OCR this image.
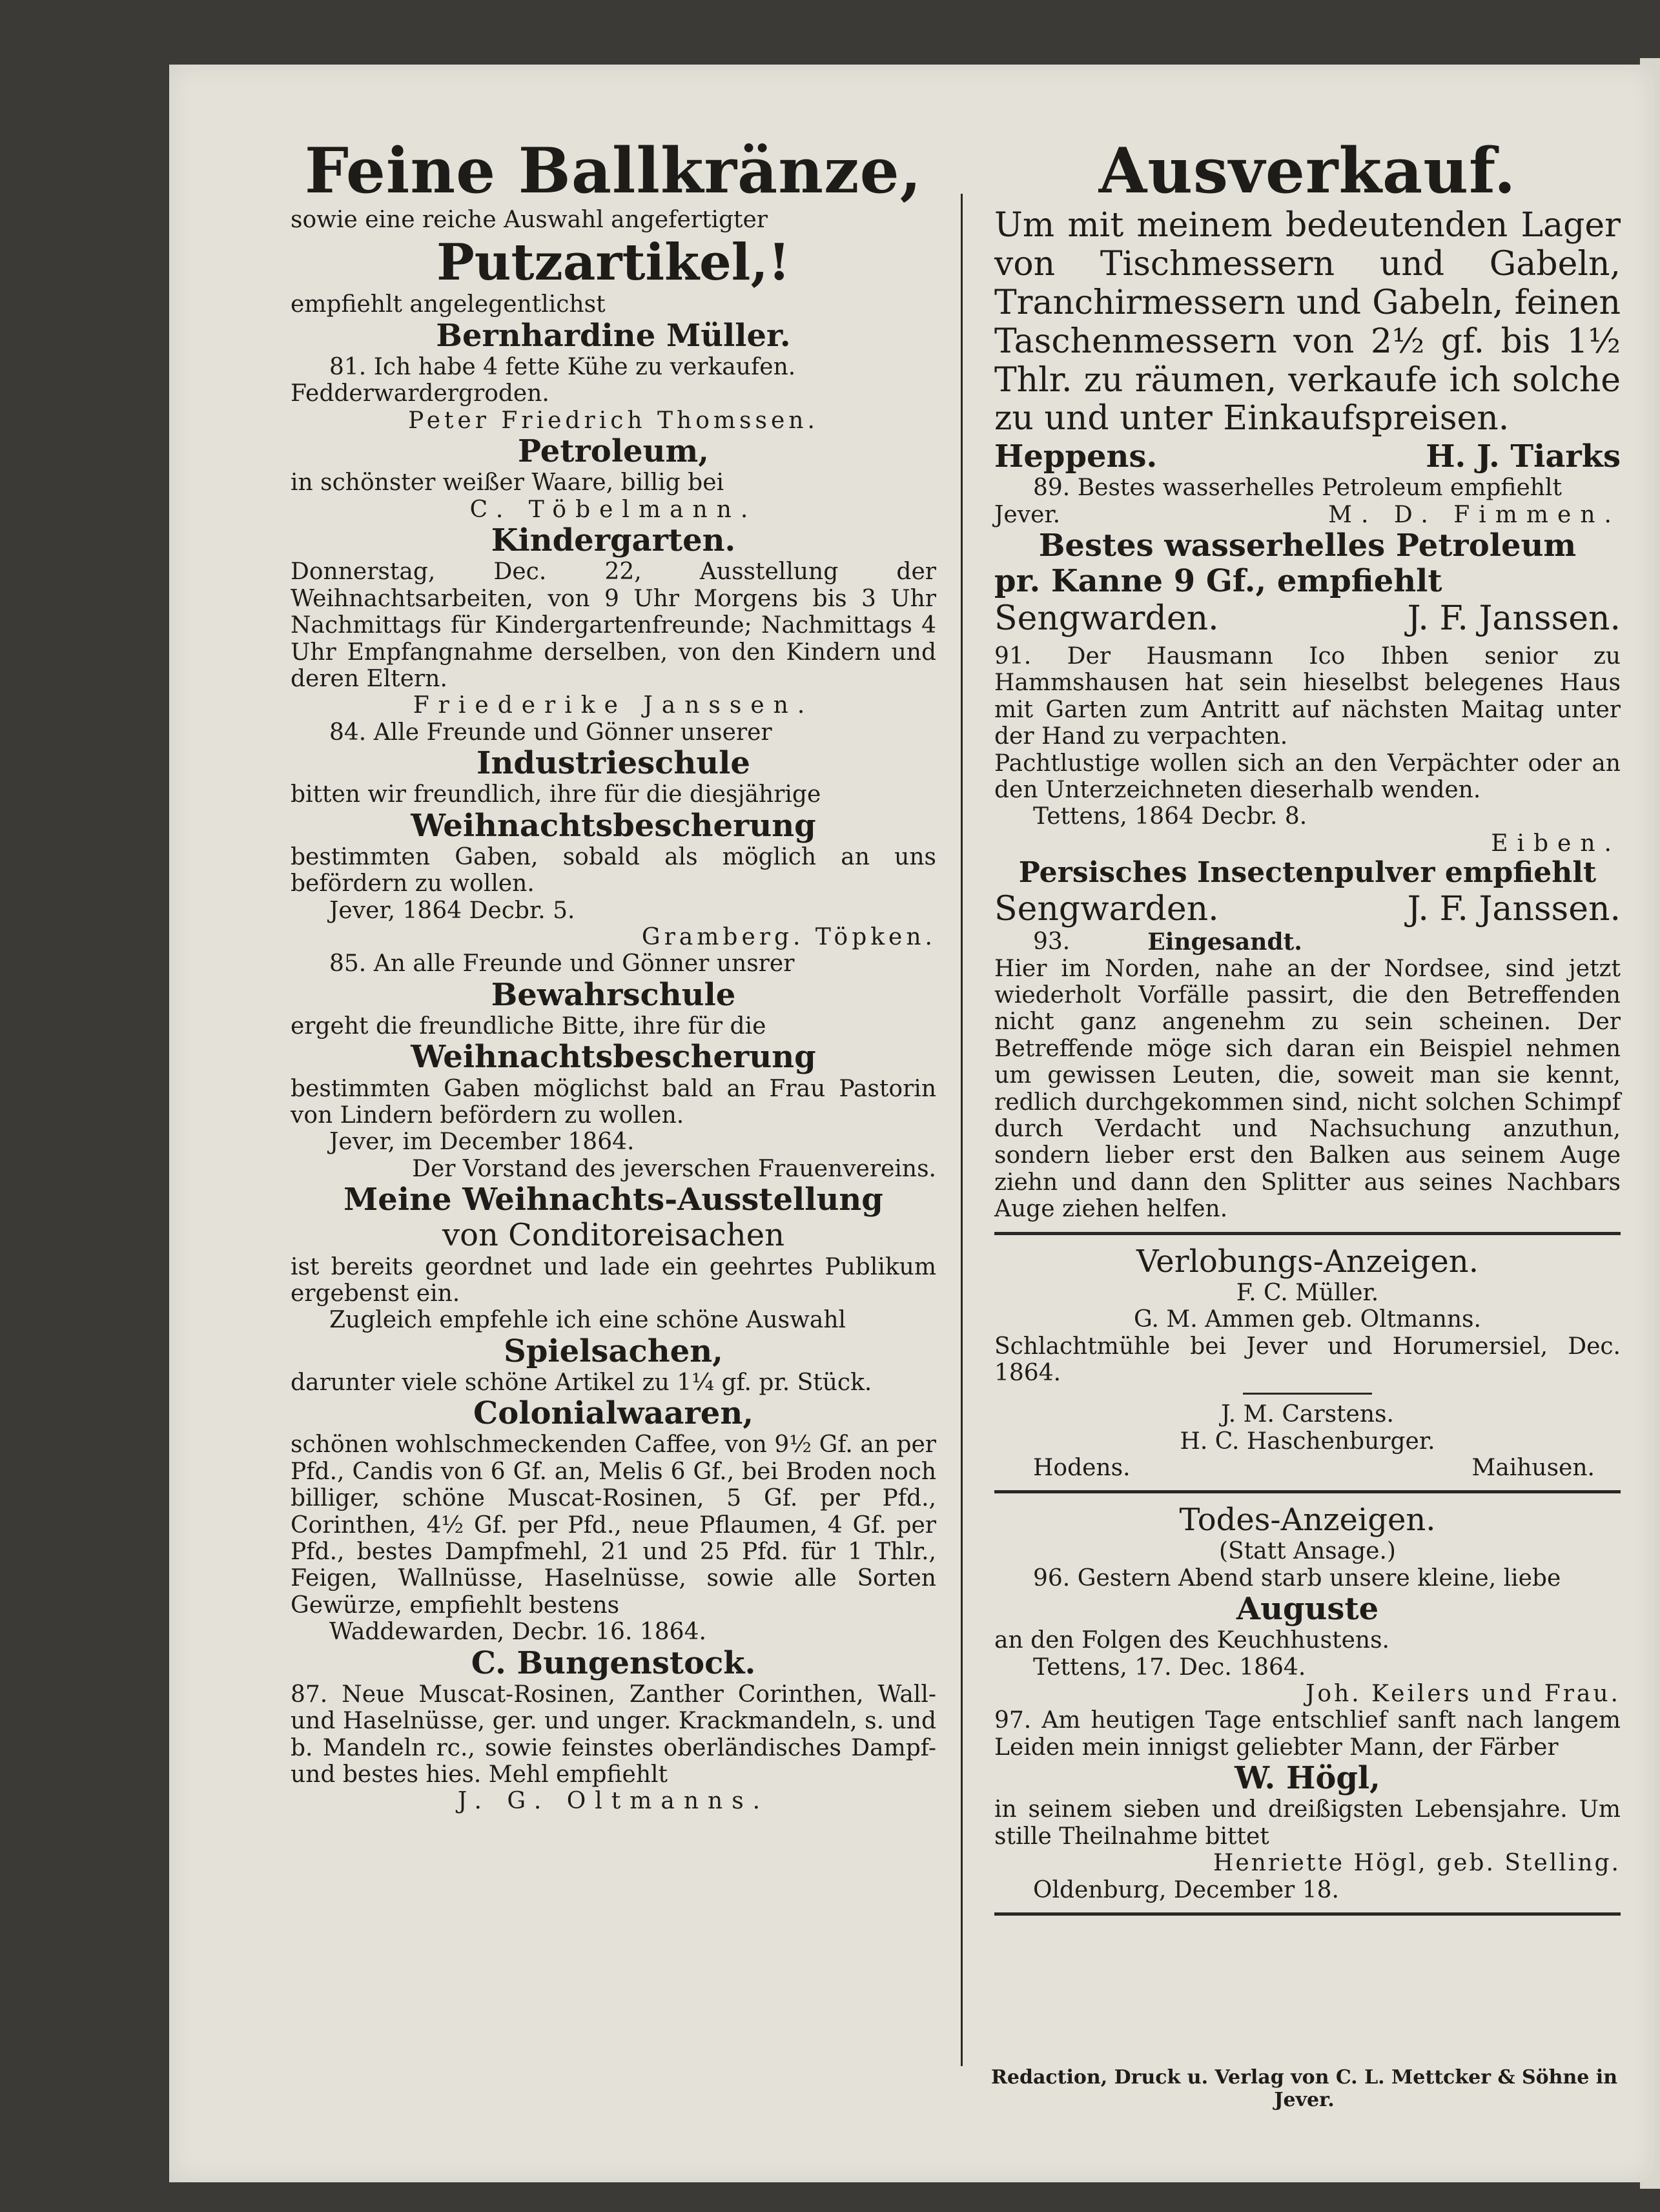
Feine Ballkränze,

sowie eine reiche Auswahl angefertigter

Putzartikel,!

empfiehlt angelegentlichst

Bernhardine Müller.

81. Ich habe 4 fette Kühe zu verkaufen.

Fedderwardergroden.

Peter Friedrich Thomssen.

Petroleum,

in schönster weißer Waare, billig bei

C. Töbelmann.

Kindergarten.

Donnerstag, Dec. 22, Ausstellung der Weihnachtsarbeiten, von 9 Uhr Morgens bis 3 Uhr Nachmittags für Kindergartenfreunde; Nachmittags 4 Uhr Empfangnahme derselben, von den Kindern und deren Eltern.

Friederike Janssen.

84. Alle Freunde und Gönner unserer

Industrieschule

bitten wir freundlich, ihre für die diesjährige

Weihnachtsbescherung

bestimmten Gaben, sobald als möglich an uns befördern zu wollen.

Jever, 1864 Decbr. 5.

Gramberg. Töpken.

85. An alle Freunde und Gönner unsrer

Bewahrschule

ergeht die freundliche Bitte, ihre für die

Weihnachtsbescherung

bestimmten Gaben möglichst bald an Frau Pastorin von Lindern befördern zu wollen.

Jever, im December 1864.

Der Vorstand des jeverschen Frauenvereins.

Meine Weihnachts-Ausstellung

von Conditoreisachen

ist bereits geordnet und lade ein geehrtes Publikum ergebenst ein.

Zugleich empfehle ich eine schöne Auswahl

Spielsachen,

darunter viele schöne Artikel zu 1¼ gf. pr. Stück.

Colonialwaaren,

schönen wohlschmeckenden Caffee, von 9½ Gf. an per Pfd., Candis von 6 Gf. an, Melis 6 Gf., bei Broden noch billiger, schöne Muscat-Rosinen, 5 Gf. per Pfd., Corinthen, 4½ Gf. per Pfd., neue Pflaumen, 4 Gf. per Pfd., bestes Dampfmehl, 21 und 25 Pfd. für 1 Thlr., Feigen, Wallnüsse, Haselnüsse, sowie alle Sorten Gewürze, empfiehlt bestens

Waddewarden, Decbr. 16. 1864.

C. Bungenstock.

87. Neue Muscat-Rosinen, Zanther Corinthen, Wall- und Haselnüsse, ger. und unger. Krackmandeln, s. und b. Mandeln rc., sowie feinstes oberländisches Dampf- und bestes hies. Mehl empfiehlt

J. G. Oltmanns.

Ausverkauf.

Um mit meinem bedeutenden Lager von Tischmessern und Gabeln, Tranchirmessern und Gabeln, feinen Taschenmessern von 2½ gf. bis 1½ Thlr. zu räumen, verkaufe ich solche zu und unter Einkaufspreisen.

Heppens.	H. J. Tiarks

89. Bestes wasserhelles Petroleum empfiehlt

Jever.	M. D. Fimmen.

Bestes wasserhelles Petroleum

pr. Kanne 9 Gf., empfiehlt

Sengwarden.	J. F. Janssen.

91. Der Hausmann Ico Ihben senior zu Hammshausen hat sein hieselbst belegenes Haus mit Garten zum Antritt auf nächsten Maitag unter der Hand zu verpachten.

Pachtlustige wollen sich an den Verpächter oder an den Unterzeichneten dieserhalb wenden.

Tettens, 1864 Decbr. 8.

Eiben.

Persisches Insectenpulver empfiehlt

Sengwarden.	J. F. Janssen.
93.	Eingesandt.

Hier im Norden, nahe an der Nordsee, sind jetzt wiederholt Vorfälle passirt, die den Betreffenden nicht ganz angenehm zu sein scheinen. Der Betreffende möge sich daran ein Beispiel nehmen um gewissen Leuten, die, soweit man sie kennt, redlich durchgekommen sind, nicht solchen Schimpf durch Verdacht und Nachsuchung anzuthun, sondern lieber erst den Balken aus seinem Auge ziehn und dann den Splitter aus seines Nachbars Auge ziehen helfen.

Verlobungs-Anzeigen.

F. C. Müller.

G. M. Ammen geb. Oltmanns.

Schlachtmühle bei Jever und Horumersiel, Dec. 1864.

J. M. Carstens.

H. C. Haschenburger.

Hodens.	Maihusen.

Todes-Anzeigen.

(Statt Ansage.)

96. Gestern Abend starb unsere kleine, liebe

Auguste

an den Folgen des Keuchhustens.

Tettens, 17. Dec. 1864.

Joh. Keilers und Frau.

97. Am heutigen Tage entschlief sanft nach langem Leiden mein innigst geliebter Mann, der Färber

W. Högl,

in seinem sieben und dreißigsten Lebensjahre. Um stille Theilnahme bittet

Henriette Högl, geb. Stelling.

Oldenburg, December 18.

Redaction, Druck u. Verlag von C. L. Mettcker & Söhne in Jever.
